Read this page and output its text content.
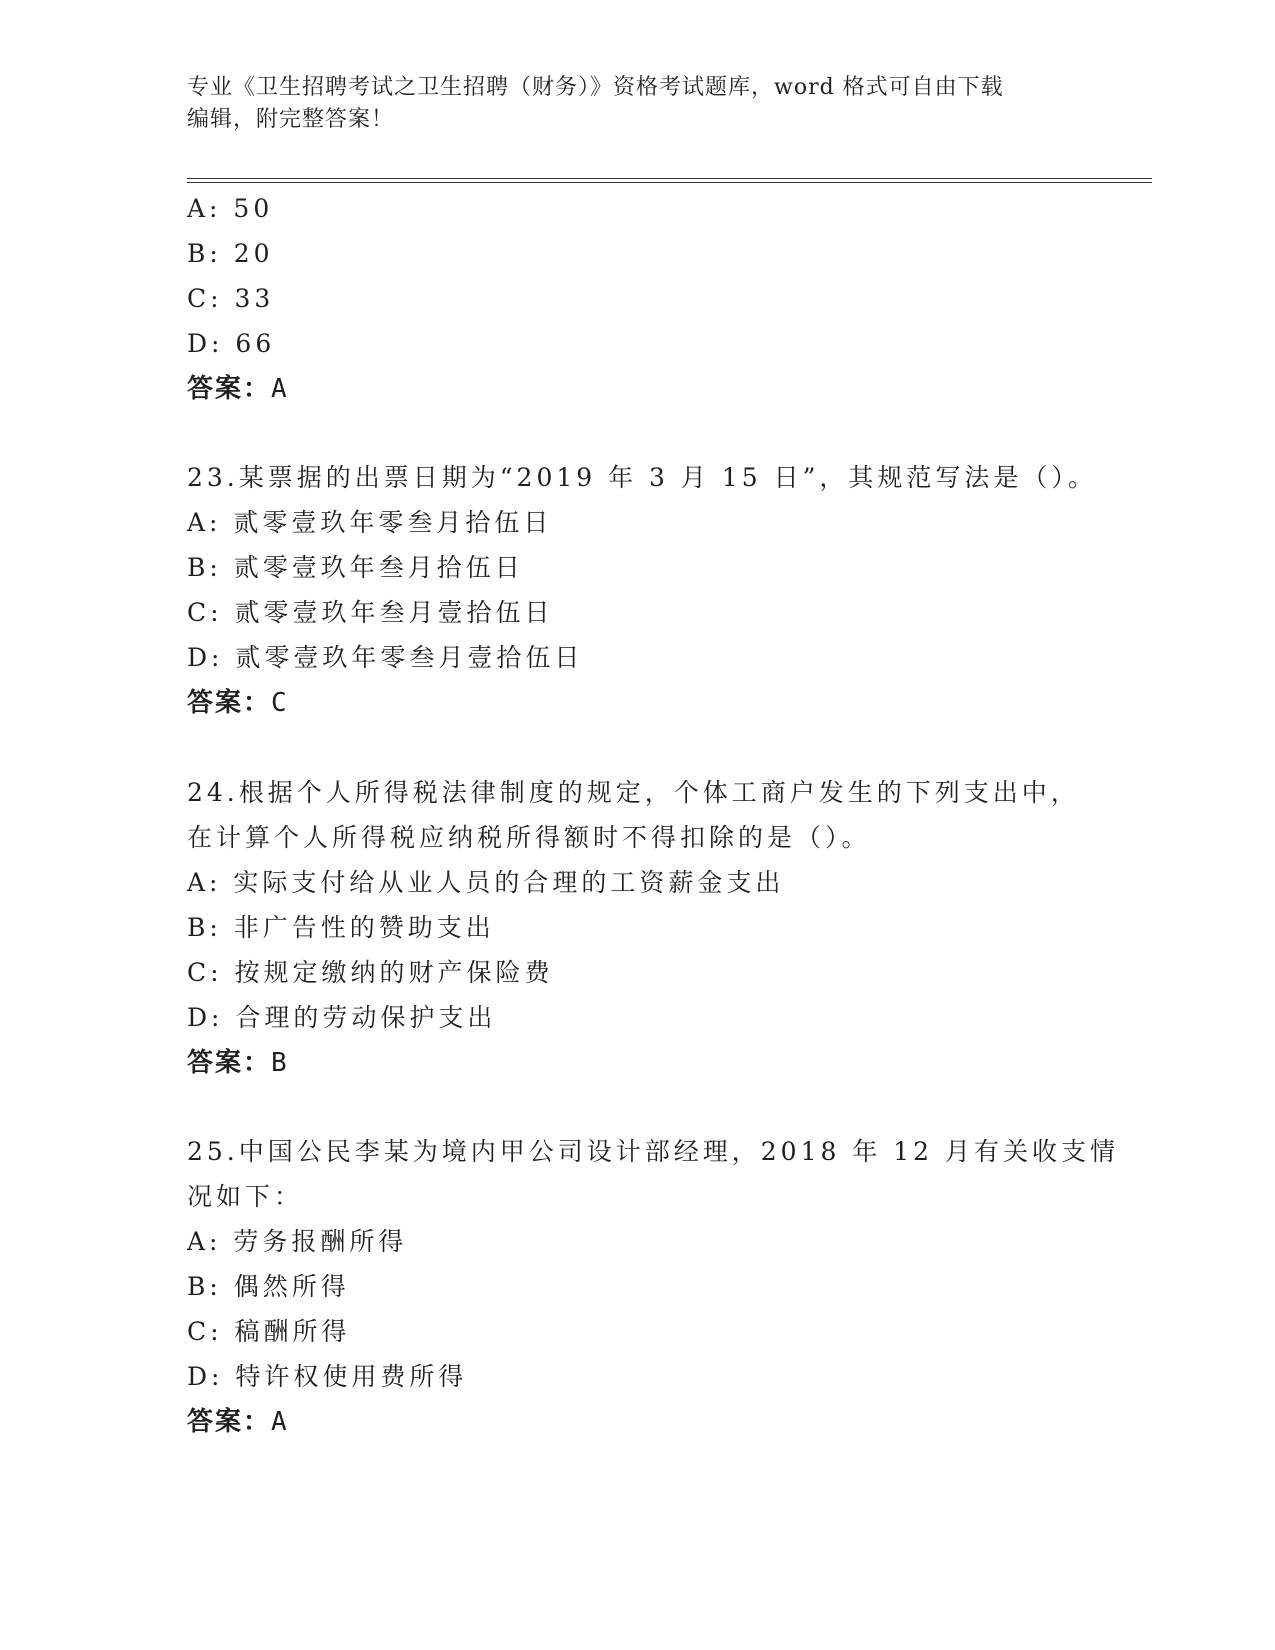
专业《卫生招聘考试之卫生招聘（财务）》资格考试题库，word 格式可自由下载
编辑，附完整答案！
A: 50
B: 20
C: 33
D: 66
答案：A
23.某票据的出票日期为“2019 年 3 月 15 日”，其规范写法是（）。
A: 贰零壹玖年零叁月拾伍日
B: 贰零壹玖年叁月拾伍日
C: 贰零壹玖年叁月壹拾伍日
D: 贰零壹玖年零叁月壹拾伍日
答案：C
24.根据个人所得税法律制度的规定，个体工商户发生的下列支出中，
在计算个人所得税应纳税所得额时不得扣除的是（）。
A: 实际支付给从业人员的合理的工资薪金支出
B: 非广告性的赞助支出
C: 按规定缴纳的财产保险费
D: 合理的劳动保护支出
答案：B
25.中国公民李某为境内甲公司设计部经理，2018 年 12 月有关收支情
况如下：
A: 劳务报酬所得
B: 偶然所得
C: 稿酬所得
D: 特许权使用费所得
答案：A
